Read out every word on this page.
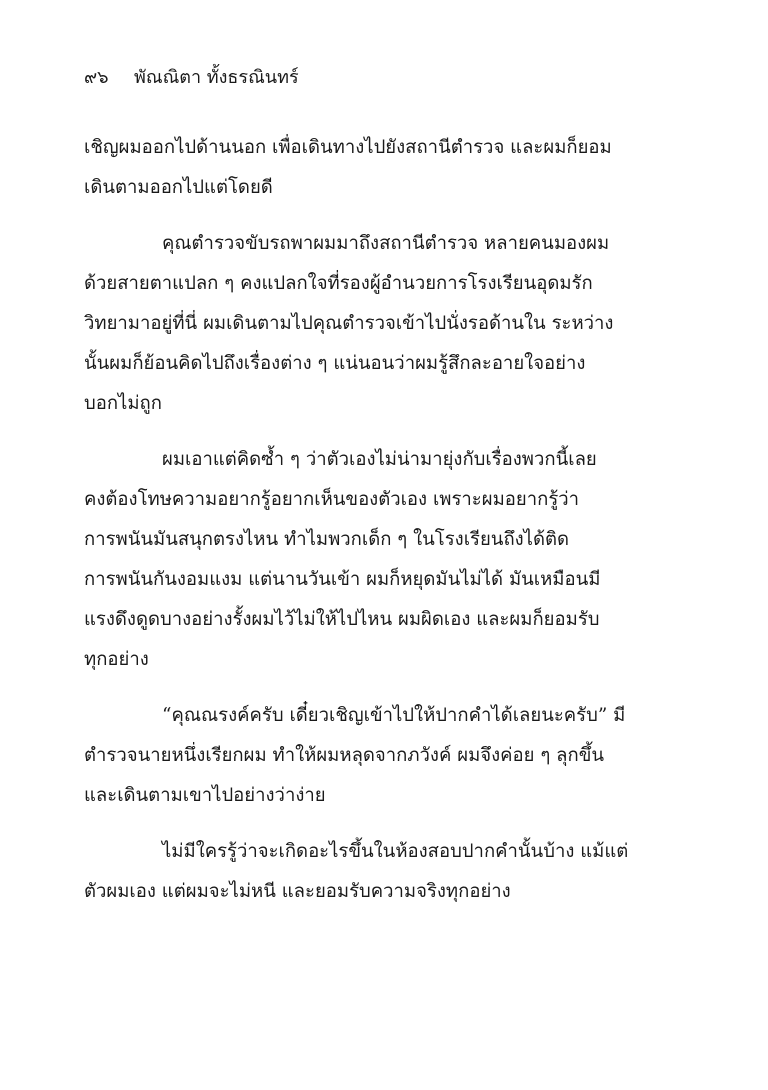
๙๖ พัณณิตา ทั้งธรณินทร์
เชิญผมออกไปด้านนอก เพื่อเดินทางไปยังสถานีตำรวจ และผมก็ยอม
เดินตามออกไปแต่โดยดี
คุณตำรวจขับรถพาผมมาถึงสถานีตำรวจ หลายคนมองผม
ด้วยสายตาแปลก ๆ คงแปลกใจที่รองผู้อำนวยการโรงเรียนอุดมรัก
วิทยามาอยู่ที่นี่ ผมเดินตามไปคุณตำรวจเข้าไปนั่งรอด้านใน ระหว่าง
นั้นผมก็ย้อนคิดไปถึงเรื่องต่าง ๆ แน่นอนว่าผมรู้สึกละอายใจอย่าง
บอกไม่ถูก
ผมเอาแต่คิดซ้ำ ๆ ว่าตัวเองไม่น่ามายุ่งกับเรื่องพวกนี้เลย
คงต้องโทษความอยากรู้อยากเห็นของตัวเอง เพราะผมอยากรู้ว่า
การพนันมันสนุกตรงไหน ทำไมพวกเด็ก ๆ ในโรงเรียนถึงได้ติด
การพนันกันงอมแงม แต่นานวันเข้า ผมก็หยุดมันไม่ได้ มันเหมือนมี
แรงดึงดูดบางอย่างรั้งผมไว้ไม่ให้ไปไหน ผมผิดเอง และผมก็ยอมรับ
ทุกอย่าง
“คุณณรงค์ครับ เดี๋ยวเชิญเข้าไปให้ปากคำได้เลยนะครับ” มี
ตำรวจนายหนึ่งเรียกผม ทำให้ผมหลุดจากภวังค์ ผมจึงค่อย ๆ ลุกขึ้น
และเดินตามเขาไปอย่างว่าง่าย
ไม่มีใครรู้ว่าจะเกิดอะไรขึ้นในห้องสอบปากคำนั้นบ้าง แม้แต่
ตัวผมเอง แต่ผมจะไม่หนี และยอมรับความจริงทุกอย่าง
